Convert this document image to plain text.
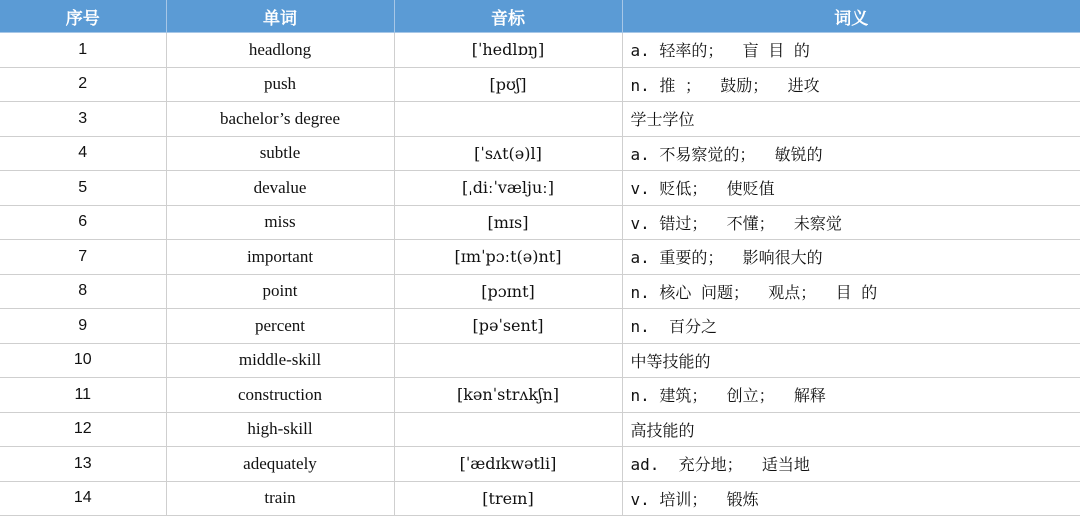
序号	单词	音标	词义
1	headlong	[ˈhedlɒŋ]	a. 轻率的；  盲 目 的
2	push	[pʊʃ]	n. 推 ；  鼓励；  进攻
3	bachelor’s degree		学士学位
4	subtle	[ˈsʌt(ə)l]	a. 不易察觉的；  敏锐的
5	devalue	[ˌdiːˈvæljuː]	v. 贬低；  使贬值
6	miss	[mɪs]	v. 错过；  不懂；  未察觉
7	important	[ɪmˈpɔːt(ə)nt]	a. 重要的；  影响很大的
8	point	[pɔɪnt]	n. 核心 问题；  观点；  目 的
9	percent	[pəˈsent]	n.  百分之
10	middle-skill		中等技能的
11	construction	[kənˈstrʌkʃn]	n. 建筑；  创立；  解释
12	high-skill		高技能的
13	adequately	[ˈædɪkwətli]	ad.  充分地；  适当地
14	train	[treɪn]	v. 培训；  锻炼
